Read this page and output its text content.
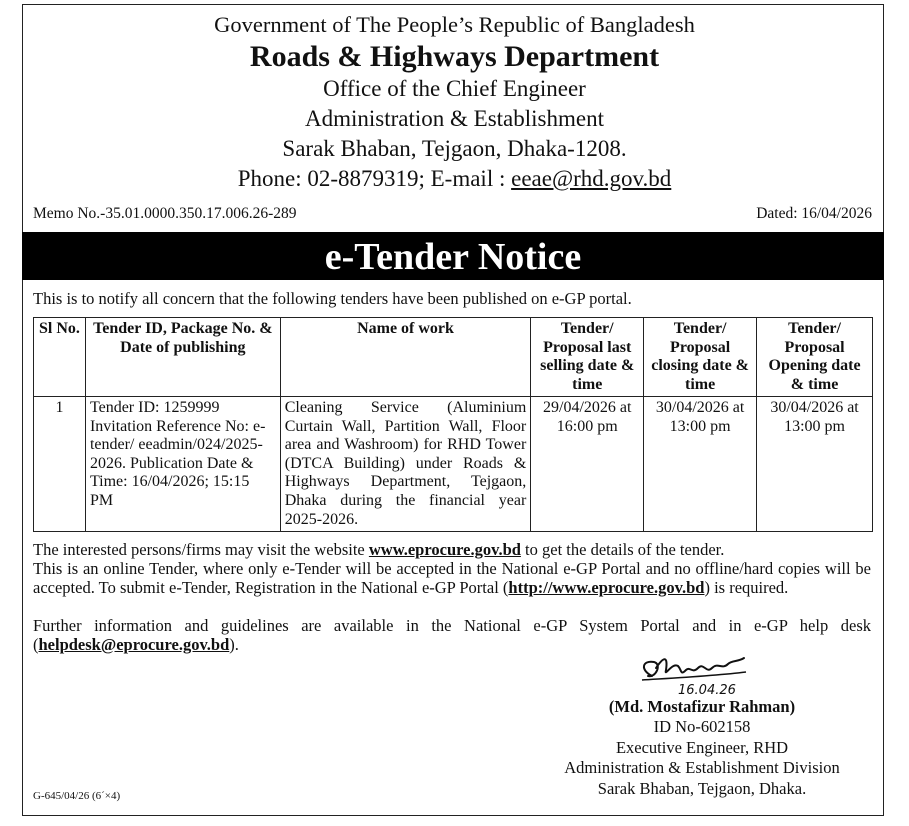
Government of The People’s Republic of Bangladesh
Roads & Highways Department
Office of the Chief Engineer
Administration & Establishment
Sarak Bhaban, Tejgaon, Dhaka-1208.
Phone: 02-8879319; E-mail : eeae@rhd.gov.bd
Memo No.-35.01.0000.350.17.006.26-289	Dated: 16/04/2026
e-Tender Notice
This is to notify all concern that the following tenders have been published on e-GP portal.
Sl No.	Tender ID, Package No. & Date of publishing	Name of work	Tender/ Proposal last selling date & time	Tender/ Proposal closing date & time	Tender/ Proposal Opening date & time
1	Tender ID: 1259999 Invitation Reference No: e-tender/ eeadmin/024/2025-2026. Publication Date & Time: 16/04/2026; 15:15 PM	Cleaning Service (Aluminium Curtain Wall, Partition Wall, Floor area and Washroom) for RHD Tower (DTCA Building) under Roads & Highways Department, Tejgaon, Dhaka during the financial year 2025-2026.	29/04/2026 at 16:00 pm	30/04/2026 at 13:00 pm	30/04/2026 at 13:00 pm
The interested persons/firms may visit the website www.eprocure.gov.bd to get the details of the tender.
This is an online Tender, where only e-Tender will be accepted in the National e-GP Portal and no offline/hard copies will be accepted. To submit e-Tender, Registration in the National e-GP Portal (http://www.eprocure.gov.bd) is required.
Further information and guidelines are available in the National e-GP System Portal and in e-GP help desk (helpdesk@eprocure.gov.bd).
16.04.26
(Md. Mostafizur Rahman)
ID No-602158
Executive Engineer, RHD
Administration & Establishment Division
Sarak Bhaban, Tejgaon, Dhaka.
G-645/04/26 (6´×4)
